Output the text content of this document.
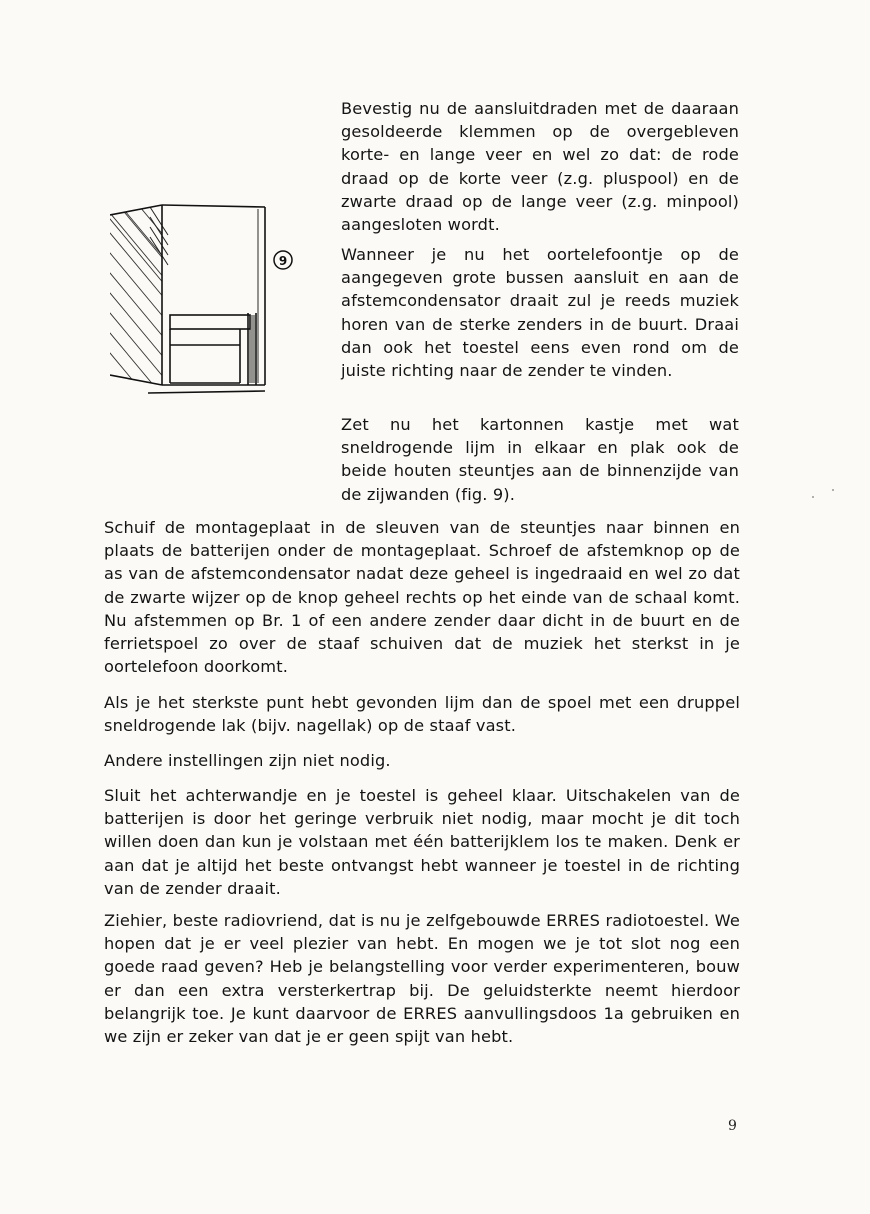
9

Bevestig nu de aansluitdraden met de daaraan gesoldeerde klemmen op de overgebleven korte- en lange veer en wel zo dat: de rode draad op de korte veer (z.g. pluspool) en de zwarte draad op de lange veer (z.g. minpool) aangesloten wordt.

Wanneer je nu het oortelefoontje op de aangegeven grote bussen aansluit en aan de afstemcondensator draait zul je reeds muziek horen van de sterke zenders in de buurt. Draai dan ook het toestel eens even rond om de juiste richting naar de zender te vinden.

Zet nu het kartonnen kastje met wat sneldrogende lijm in elkaar en plak ook de beide houten steuntjes aan de binnenzijde van de zijwanden (fig. 9).

Schuif de montageplaat in de sleuven van de steuntjes naar binnen en plaats de batterijen onder de montageplaat. Schroef de afstemknop op de as van de afstemcondensator nadat deze geheel is ingedraaid en wel zo dat de zwarte wijzer op de knop geheel rechts op het einde van de schaal komt. Nu afstemmen op Br. 1 of een andere zender daar dicht in de buurt en de ferrietspoel zo over de staaf schuiven dat de muziek het sterkst in je oortelefoon doorkomt.

Als je het sterkste punt hebt gevonden lijm dan de spoel met een druppel sneldrogende lak (bijv. nagellak) op de staaf vast.

Andere instellingen zijn niet nodig.

Sluit het achterwandje en je toestel is geheel klaar. Uitschakelen van de batterijen is door het geringe verbruik niet nodig, maar mocht je dit toch willen doen dan kun je volstaan met één batterijklem los te maken. Denk er aan dat je altijd het beste ontvangst hebt wanneer je toestel in de richting van de zender draait.

Ziehier, beste radiovriend, dat is nu je zelfgebouwde ERRES radiotoestel. We hopen dat je er veel plezier van hebt. En mogen we je tot slot nog een goede raad geven? Heb je belangstelling voor verder experimenteren, bouw er dan een extra versterkertrap bij. De geluidsterkte neemt hierdoor belangrijk toe. Je kunt daarvoor de ERRES aanvullingsdoos 1a gebruiken en we zijn er zeker van dat je er geen spijt van hebt.

9
